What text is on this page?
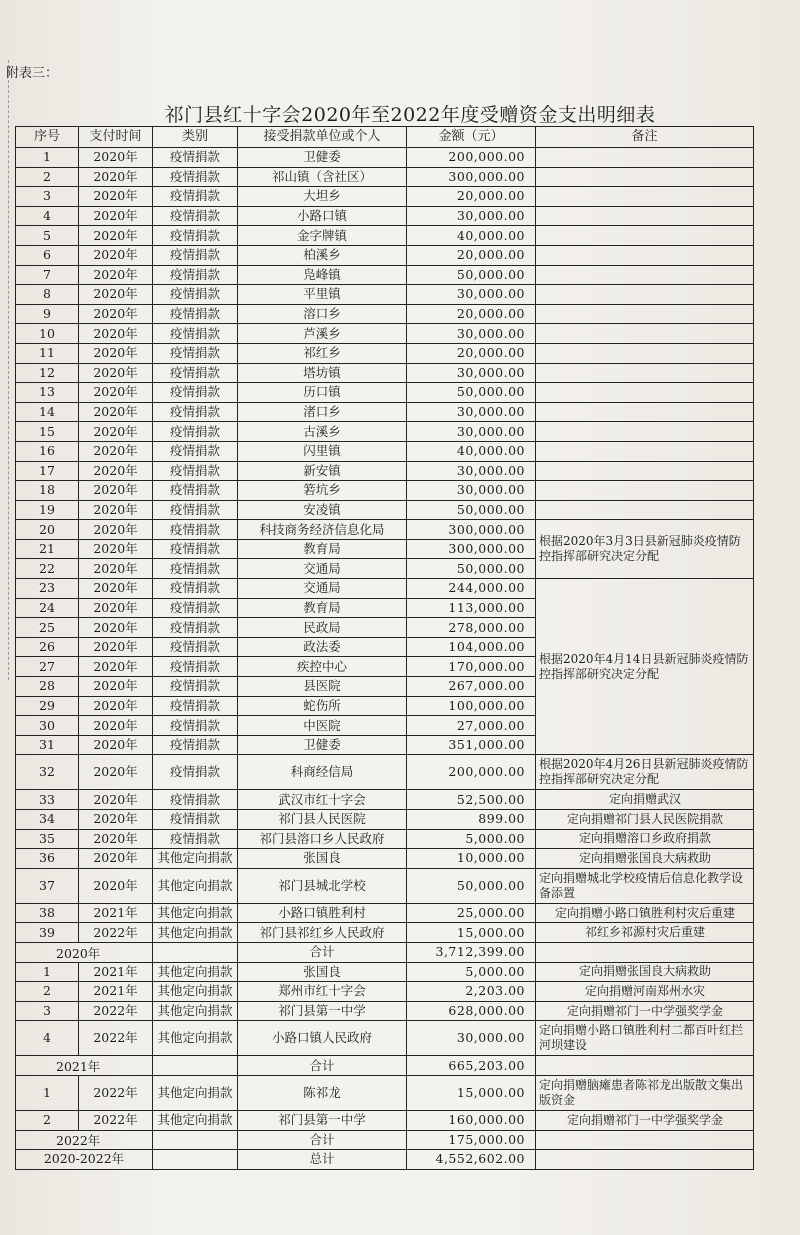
附表三：
祁门县红十字会2020年至2022年度受赠资金支出明细表
序号	支付时间	类别	接受捐款单位或个人	金额（元）	备注
1	2020年	疫情捐款	卫健委	200,000.00	
2	2020年	疫情捐款	祁山镇（含社区）	300,000.00	
3	2020年	疫情捐款	大坦乡	20,000.00	
4	2020年	疫情捐款	小路口镇	30,000.00	
5	2020年	疫情捐款	金字牌镇	40,000.00	
6	2020年	疫情捐款	柏溪乡	20,000.00	
7	2020年	疫情捐款	凫峰镇	50,000.00	
8	2020年	疫情捐款	平里镇	30,000.00	
9	2020年	疫情捐款	溶口乡	20,000.00	
10	2020年	疫情捐款	芦溪乡	30,000.00	
11	2020年	疫情捐款	祁红乡	20,000.00	
12	2020年	疫情捐款	塔坊镇	30,000.00	
13	2020年	疫情捐款	历口镇	50,000.00	
14	2020年	疫情捐款	渚口乡	30,000.00	
15	2020年	疫情捐款	古溪乡	30,000.00	
16	2020年	疫情捐款	闪里镇	40,000.00	
17	2020年	疫情捐款	新安镇	30,000.00	
18	2020年	疫情捐款	箬坑乡	30,000.00	
19	2020年	疫情捐款	安凌镇	50,000.00	
20	2020年	疫情捐款	科技商务经济信息化局	300,000.00	根据2020年3月3日县新冠肺炎疫情防控指挥部研究决定分配
21	2020年	疫情捐款	教育局	300,000.00	
22	2020年	疫情捐款	交通局	50,000.00	
23	2020年	疫情捐款	交通局	244,000.00	根据2020年4月14日县新冠肺炎疫情防控指挥部研究决定分配
24	2020年	疫情捐款	教育局	113,000.00	
25	2020年	疫情捐款	民政局	278,000.00	
26	2020年	疫情捐款	政法委	104,000.00	
27	2020年	疫情捐款	疾控中心	170,000.00	
28	2020年	疫情捐款	县医院	267,000.00	
29	2020年	疫情捐款	蛇伤所	100,000.00	
30	2020年	疫情捐款	中医院	27,000.00	
31	2020年	疫情捐款	卫健委	351,000.00	
32	2020年	疫情捐款	科商经信局	200,000.00	根据2020年4月26日县新冠肺炎疫情防控指挥部研究决定分配
33	2020年	疫情捐款	武汉市红十字会	52,500.00	定向捐赠武汉
34	2020年	疫情捐款	祁门县人民医院	899.00	定向捐赠祁门县人民医院捐款
35	2020年	疫情捐款	祁门县溶口乡人民政府	5,000.00	定向捐赠溶口乡政府捐款
36	2020年	其他定向捐款	张国良	10,000.00	定向捐赠张国良大病救助
37	2020年	其他定向捐款	祁门县城北学校	50,000.00	定向捐赠城北学校疫情后信息化教学设备添置
38	2021年	其他定向捐款	小路口镇胜利村	25,000.00	定向捐赠小路口镇胜利村灾后重建
39	2022年	其他定向捐款	祁门县祁红乡人民政府	15,000.00	祁红乡祁源村灾后重建
2020年			合计	3,712,399.00	
1	2021年	其他定向捐款	张国良	5,000.00	定向捐赠张国良大病救助
2	2021年	其他定向捐款	郑州市红十字会	2,203.00	定向捐赠河南郑州水灾
3	2022年	其他定向捐款	祁门县第一中学	628,000.00	定向捐赠祁门一中学强奖学金
4	2022年	其他定向捐款	小路口镇人民政府	30,000.00	定向捐赠小路口镇胜利村二都百叶红拦河坝建设
2021年			合计	665,203.00	
1	2022年	其他定向捐款	陈祁龙	15,000.00	定向捐赠脑瘫患者陈祁龙出版散文集出版资金
2	2022年	其他定向捐款	祁门县第一中学	160,000.00	定向捐赠祁门一中学强奖学金
2022年			合计	175,000.00	
2020-2022年			总计	4,552,602.00	
